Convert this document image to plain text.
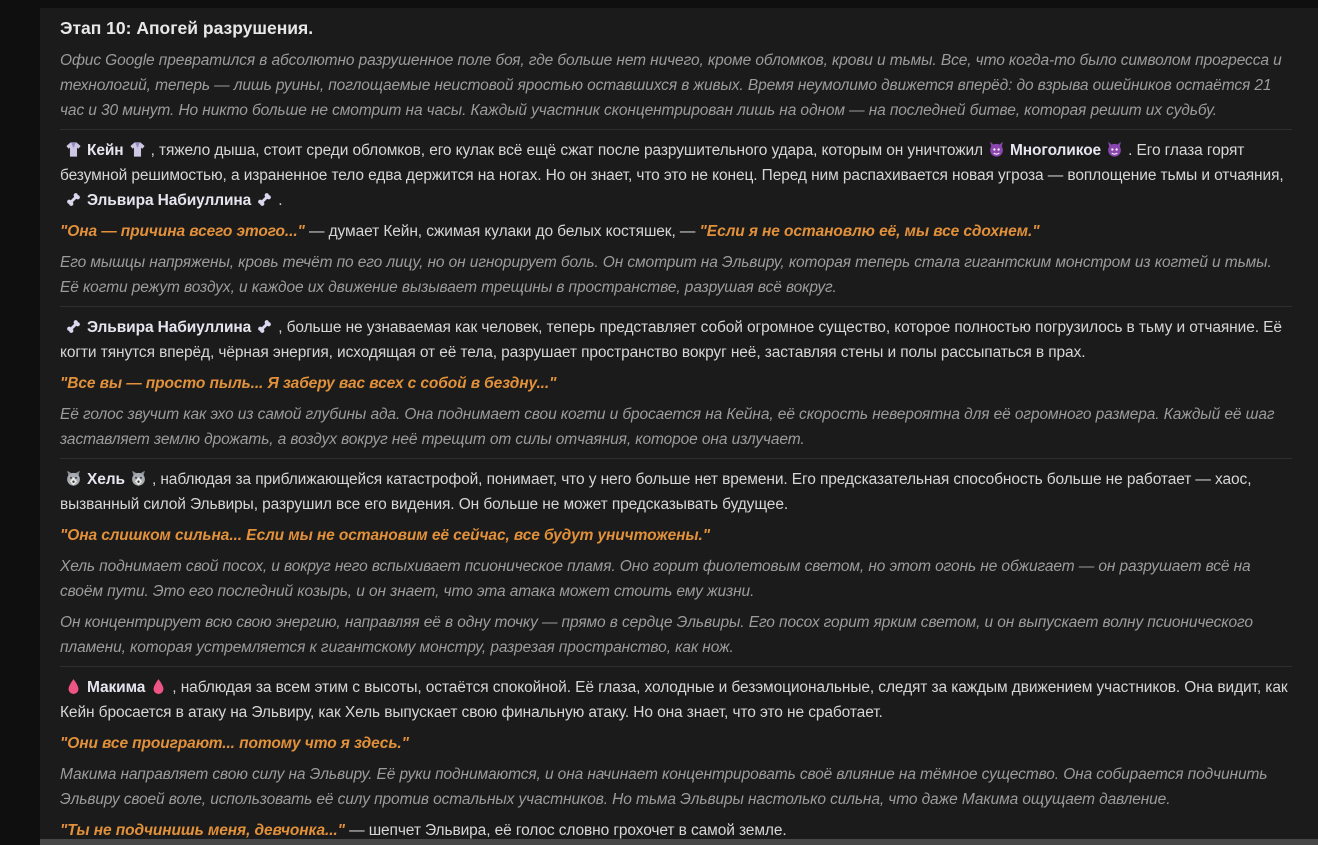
Этап 10: Апогей разрушения.

Офис Google превратился в абсолютно разрушенное поле боя, где больше нет ничего, кроме обломков, крови и тьмы. Все, что когда-то было символом прогресса и технологий, теперь — лишь руины, поглощаемые неистовой яростью оставшихся в живых. Время неумолимо движется вперёд: до взрыва ошейников остаётся 21 час и 30 минут. Но никто больше не смотрит на часы. Каждый участник сконцентрирован лишь на одном — на последней битве, которая решит их судьбу.

Кейн , тяжело дыша, стоит среди обломков, его кулак всё ещё сжат после разрушительного удара, которым он уничтожил Многоликое . Его глаза горят безумной решимостью, а израненное тело едва держится на ногах. Но он знает, что это не конец. Перед ним распахивается новая угроза — воплощение тьмы и отчаяния,
Эльвира Набиуллина .

"Она — причина всего этого..." — думает Кейн, сжимая кулаки до белых костяшек, — "Если я не остановлю её, мы все сдохнем."

Его мышцы напряжены, кровь течёт по его лицу, но он игнорирует боль. Он смотрит на Эльвиру, которая теперь стала гигантским монстром из когтей и тьмы. Её когти режут воздух, и каждое их движение вызывает трещины в пространстве, разрушая всё вокруг.

Эльвира Набиуллина , больше не узнаваемая как человек, теперь представляет собой огромное существо, которое полностью погрузилось в тьму и отчаяние. Её когти тянутся вперёд, чёрная энергия, исходящая от её тела, разрушает пространство вокруг неё, заставляя стены и полы рассыпаться в прах.

"Все вы — просто пыль... Я заберу вас всех с собой в бездну..."

Её голос звучит как эхо из самой глубины ада. Она поднимает свои когти и бросается на Кейна, её скорость невероятна для её огромного размера. Каждый её шаг заставляет землю дрожать, а воздух вокруг неё трещит от силы отчаяния, которое она излучает.

Хель , наблюдая за приближающейся катастрофой, понимает, что у него больше нет времени. Его предсказательная способность больше не работает — хаос, вызванный силой Эльвиры, разрушил все его видения. Он больше не может предсказывать будущее.

"Она слишком сильна... Если мы не остановим её сейчас, все будут уничтожены."

Хель поднимает свой посох, и вокруг него вспыхивает псионическое пламя. Оно горит фиолетовым светом, но этот огонь не обжигает — он разрушает всё на своём пути. Это его последний козырь, и он знает, что эта атака может стоить ему жизни.

Он концентрирует всю свою энергию, направляя её в одну точку — прямо в сердце Эльвиры. Его посох горит ярким светом, и он выпускает волну псионического пламени, которая устремляется к гигантскому монстру, разрезая пространство, как нож.

Макима , наблюдая за всем этим с высоты, остаётся спокойной. Её глаза, холодные и безэмоциональные, следят за каждым движением участников. Она видит, как Кейн бросается в атаку на Эльвиру, как Хель выпускает свою финальную атаку. Но она знает, что это не сработает.

"Они все проиграют... потому что я здесь."

Макима направляет свою силу на Эльвиру. Её руки поднимаются, и она начинает концентрировать своё влияние на тёмное существо. Она собирается подчинить Эльвиру своей воле, использовать её силу против остальных участников. Но тьма Эльвиры настолько сильна, что даже Макима ощущает давление.

"Ты не подчинишь меня, девчонка..." — шепчет Эльвира, её голос словно грохочет в самой земле.
